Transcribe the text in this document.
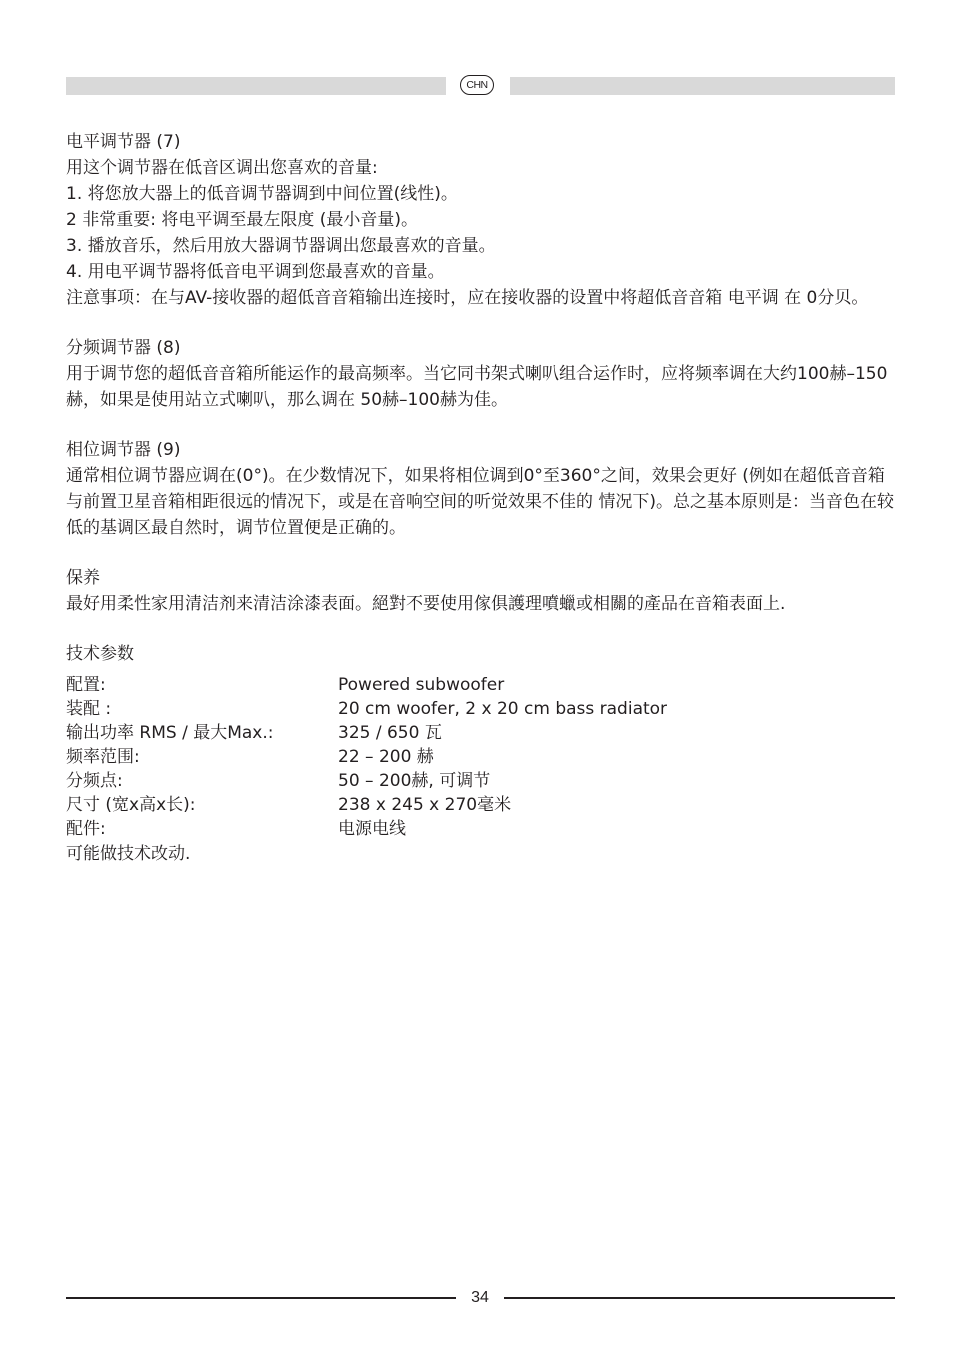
CHN

电平调节器 (7)

用这个调节器在低音区调出您喜欢的音量:

1. 将您放大器上的低音调节器调到中间位置(线性)。

2 非常重要: 将电平调至最左限度 (最小音量)。

3. 播放音乐，然后用放大器调节器调出您最喜欢的音量。

4. 用电平调节器将低音电平调到您最喜欢的音量。

注意事项：在与AV-接收器的超低音音箱输出连接时，应在接收器的设置中将超低音音箱 电平调 在 0分贝。

分频调节器 (8)

用于调节您的超低音音箱所能运作的最高频率。当它同书架式喇叭组合运作时，应将频率调在大约100赫–150赫，如果是使用站立式喇叭，那么调在 50赫–100赫为佳。

相位调节器 (9)

通常相位调节器应调在(0°)。在少数情况下，如果将相位调到0°至360°之间，效果会更好 (例如在超低音音箱与前置卫星音箱相距很远的情况下，或是在音响空间的听觉效果不佳的 情况下)。总之基本原则是：当音色在较低的基调区最自然时，调节位置便是正确的。

保养

最好用柔性家用清洁剂来清洁涂漆表面。絕對不要使用傢俱護理噴蠟或相關的產品在音箱表面上.

技术参数

配置:	Powered subwoofer
装配 :	20 cm woofer, 2 x 20 cm bass radiator
输出功率 RMS / 最大Max.:	325 / 650 瓦
频率范围:	22 – 200 赫
分频点:	50 – 200赫, 可调节
尺寸 (宽x高x长):	238 x 245 x 270毫米
配件:	电源电线

可能做技术改动.

34
